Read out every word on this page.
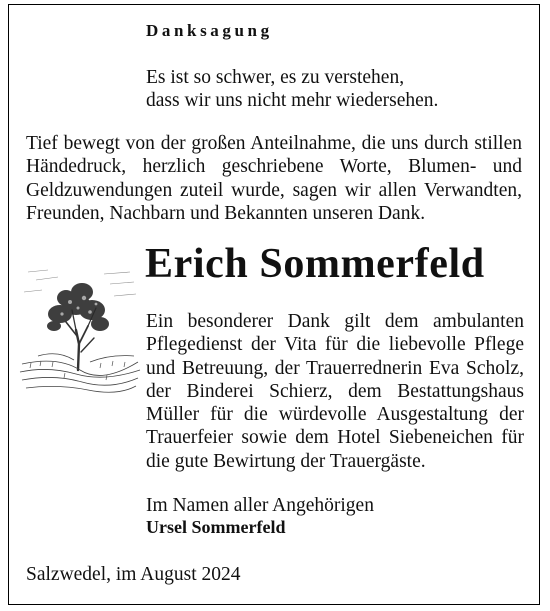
Danksagung

Es ist so schwer, es zu verstehen,
dass wir uns nicht mehr wiedersehen.

Tief bewegt von der großen Anteilnahme, die uns durch stillen Händedruck, herzlich geschriebene Worte, Blumen- und Geldzuwendungen zuteil wurde, sagen wir allen Verwandten, Freunden, Nachbarn und Bekannten unseren Dank.

Erich Sommerfeld

Ein besonderer Dank gilt dem ambulanten Pflegedienst der Vita für die liebevolle Pflege und Betreuung, der Trauerrednerin Eva Scholz, der Binderei Schierz, dem Bestattungshaus Müller für die würdevolle Ausgestaltung der Trauerfeier sowie dem Hotel Siebeneichen für die gute Bewirtung der Trauergäste.

Im Namen aller Angehörigen

Ursel Sommerfeld

Salzwedel, im August 2024
